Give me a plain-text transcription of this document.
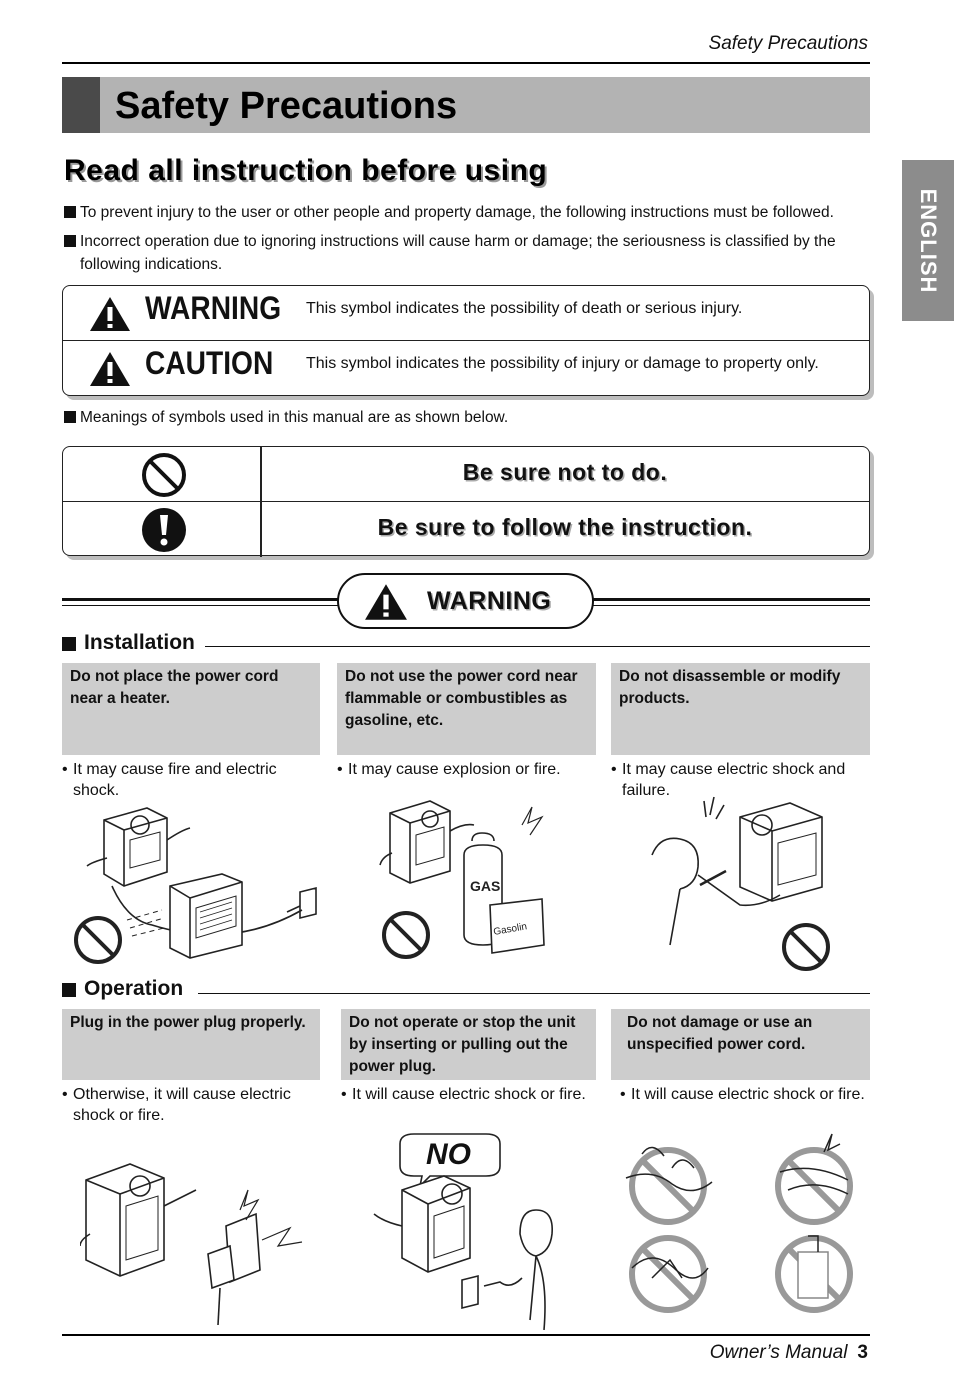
Safety Precautions
Safety Precautions
ENGLISH
Read all instruction before using
To prevent injury to the user or other people and property damage, the following instructions must be followed.
Incorrect operation due to ignoring instructions will cause harm or damage; the seriousness is classified by the following indications.
WARNING This symbol indicates the possibility of death or serious injury.
CAUTION This symbol indicates the possibility of injury or damage to property only.
Meanings of symbols used in this manual are as shown below.
Be sure not to do.
Be sure to follow the instruction.
WARNING
Installation
Do not place the power cord near a heater.
Do not use the power cord near flammable or combustibles as gasoline, etc.
Do not disassemble or modify products.
• It may cause fire and electric shock.
• It may cause explosion or fire.	• It may cause electric shock and failure.
GAS
Gasolin
Operation
Plug in the power plug properly.	Do not operate or stop the unit by inserting or pulling out the power plug.
Do not damage or use an unspecified power cord.
• Otherwise, it will cause electric shock or fire.
• It will cause electric shock or fire.	• It will cause electric shock or fire.
NO
Owner’s Manual 3
